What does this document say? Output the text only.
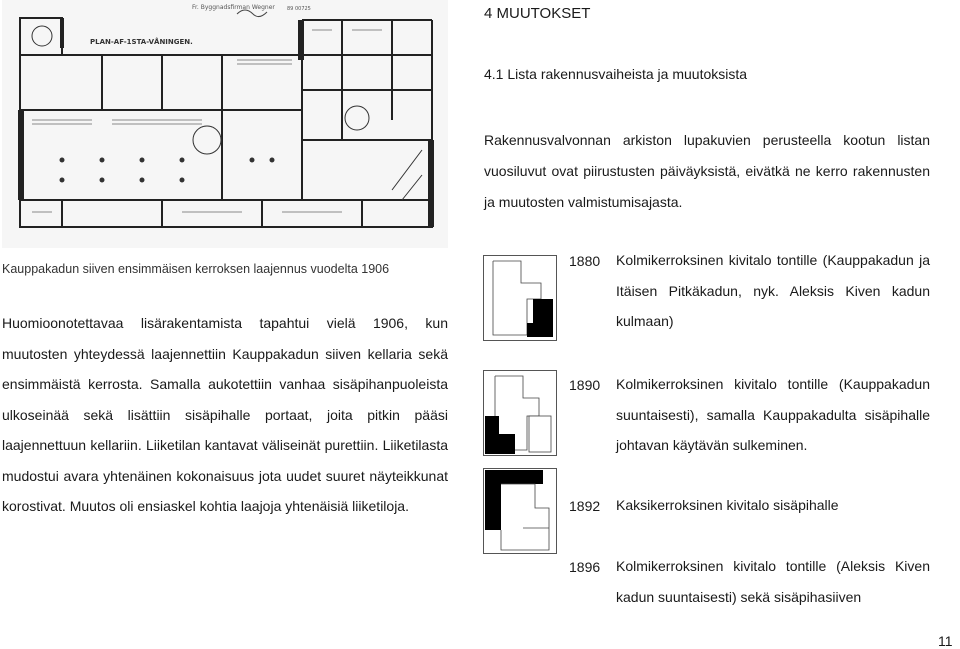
Fr. Byggnadsfirman Wegner 89 00725
PLAN-AF-1STA-VÅNINGEN.
Kauppakadun siiven ensimmäisen kerroksen laajennus vuodelta 1906

Huomioonotettavaa lisärakentamista tapahtui vielä 1906, kun muutosten yhteydessä laajennettiin Kauppakadun siiven kellaria sekä ensimmäistä kerrosta. Samalla aukotettiin vanhaa sisäpihanpuoleista ulkoseinää sekä lisättiin sisäpihalle portaat, joita pitkin pääsi laajennettuun kellariin. Liiketilan kantavat väliseinät purettiin. Liiketilasta mudostui avara yhtenäinen kokonaisuus jota uudet suuret näyteikkunat korostivat. Muutos oli ensiaskel kohtia laajoja yhtenäisiä liiketiloja.

4 MUUTOKSET
4.1 Lista rakennusvaiheista ja muutoksista

Rakennusvalvonnan arkiston lupakuvien perusteella kootun listan vuosiluvut ovat piirustusten päiväyksistä, eivätkä ne kerro rakennusten ja muutosten valmistumisajasta.

1880 Kolmikerroksinen kivitalo tontille (Kauppakadun ja Itäisen Pitkäkadun, nyk. Aleksis Kiven kadun kulmaan)

1890 Kolmikerroksinen kivitalo tontille (Kauppakadun suuntaisesti), samalla Kauppakadulta sisäpihalle johtavan käytävän sulkeminen.

1892 Kaksikerroksinen kivitalo sisäpihalle

1896 Kolmikerroksinen kivitalo tontille (Aleksis Kiven kadun suuntaisesti) sekä sisäpihasiiven

11
